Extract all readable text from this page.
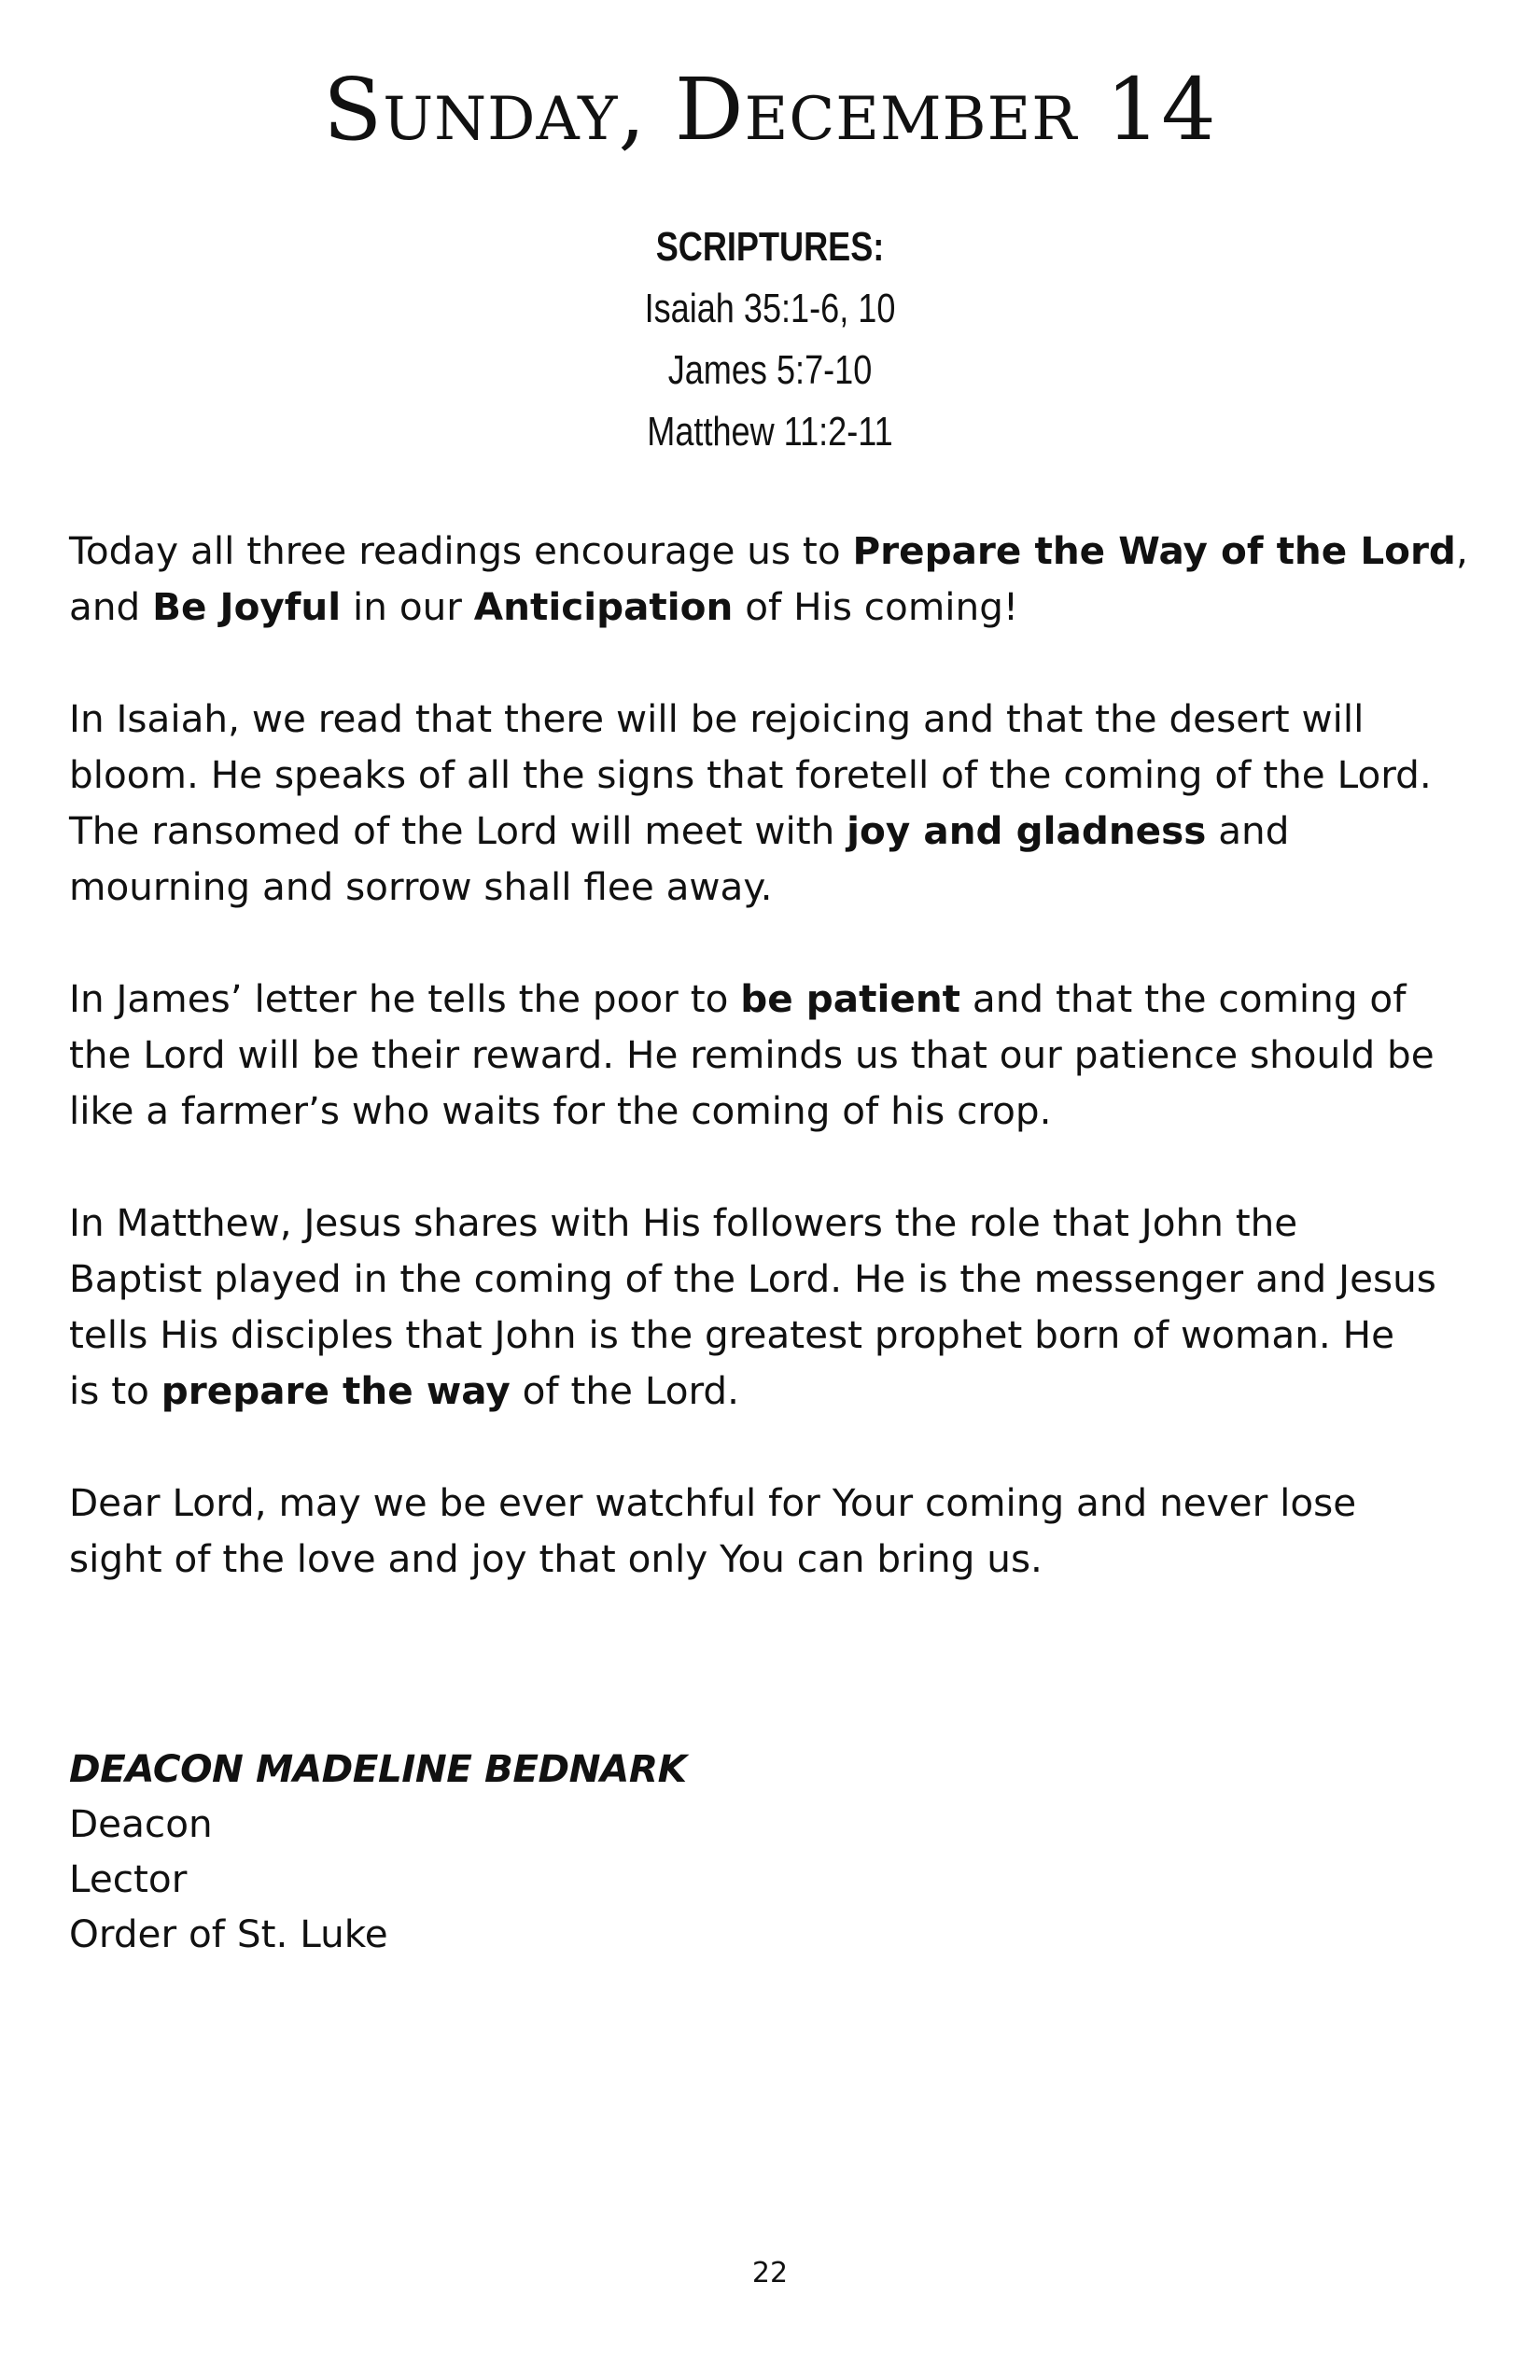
Sunday, December 14
SCRIPTURES:
Isaiah 35:1-6, 10
James 5:7-10
Matthew 11:2-11

Today all three readings encourage us to Prepare the Way of the Lord,
and Be Joyful in our Anticipation of His coming!

In Isaiah, we read that there will be rejoicing and that the desert will
bloom. He speaks of all the signs that foretell of the coming of the Lord.
The ransomed of the Lord will meet with joy and gladness and
mourning and sorrow shall flee away.

In James’ letter he tells the poor to be patient and that the coming of
the Lord will be their reward. He reminds us that our patience should be
like a farmer’s who waits for the coming of his crop.

In Matthew, Jesus shares with His followers the role that John the
Baptist played in the coming of the Lord. He is the messenger and Jesus
tells His disciples that John is the greatest prophet born of woman. He
is to prepare the way of the Lord.

Dear Lord, may we be ever watchful for Your coming and never lose
sight of the love and joy that only You can bring us.

DEACON MADELINE BEDNARK
Deacon
Lector
Order of St. Luke
22
